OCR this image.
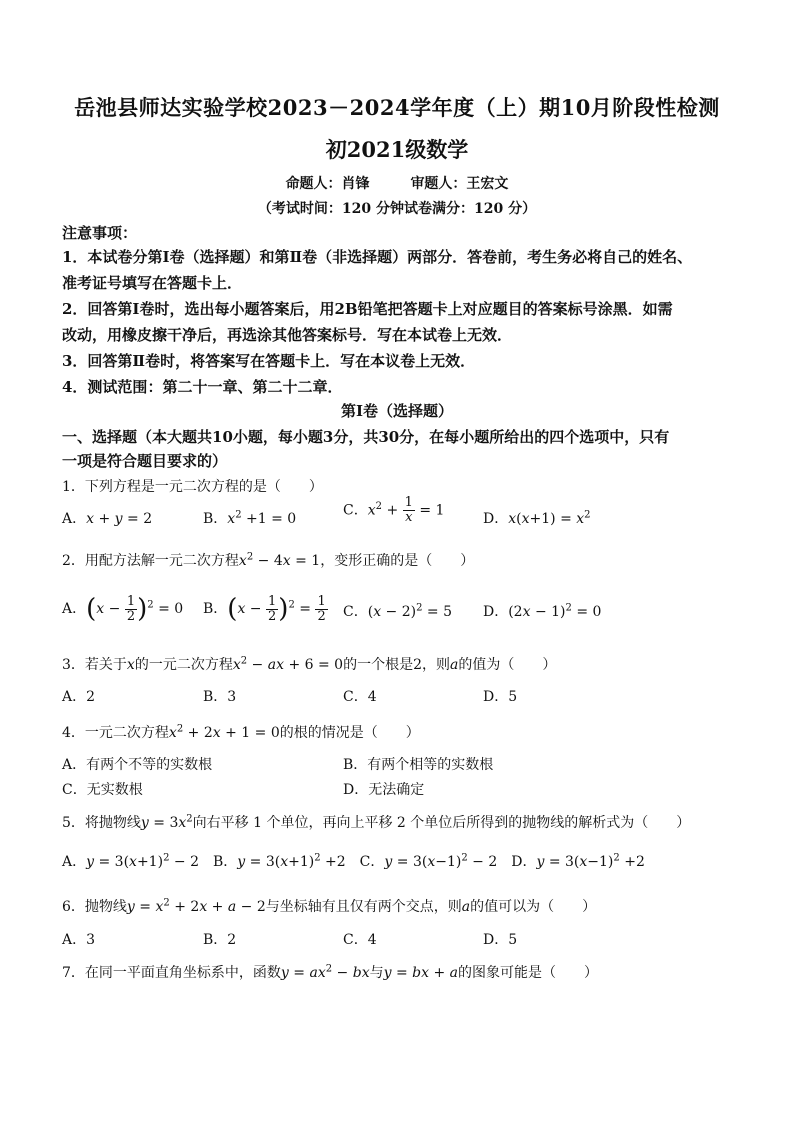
岳池县师达实验学校2023－2024学年度（上）期10月阶段性检测
初2021级数学
命题人：肖锋	审题人：王宏文
（考试时间：120 分钟试卷满分：120 分）
注意事项：
1．本试卷分第Ⅰ卷（选择题）和第Ⅱ卷（非选择题）两部分．答卷前，考生务必将自己的姓名、
准考证号填写在答题卡上．
2．回答第Ⅰ卷时，选出每小题答案后，用2B铅笔把答题卡上对应题目的答案标号涂黑．如需
改动，用橡皮擦干净后，再选涂其他答案标号．写在本试卷上无效．
3．回答第Ⅱ卷时，将答案写在答题卡上．写在本议卷上无效．
4．测试范围：第二十一章、第二十二章．
第Ⅰ卷（选择题）
一、选择题（本大题共10小题，每小题3分，共30分，在每小题所给出的四个选项中，只有
一项是符合题目要求的）
1．下列方程是一元二次方程的是（　　）
A．x + y = 2	B．$x^2 +1 = 0$
C．$x^2 + \frac{1}{x} = 1$
D．$x(x+1) = x^2$
2．用配方法解一元二次方程$x^2 - 4x = 1$，变形正确的是（　　）
A．$(x - \frac{1}{2} )^2 = 0$ B．$(x - \frac{1}{2} )^2 = \frac{1}{2}$ C．$(x - 2)^2 = 5$ D．$(2x - 1)^2 = 0$
3．若关于x的一元二次方程$x^2$ − ax + 6 = 0的一个根是2，则a的值为（　　）
A．2	B．3	C．4	D．5
4．一元二次方程$x^2 + 2x + 1 = 0$的根的情况是（　　）
A．有两个不等的实数根	B．有两个相等的实数根
C．无实数根	D．无法确定
5．将抛物线$y = 3x^2$向右平移 1 个单位，再向上平移 2 个单位后所得到的抛物线的解析式为（　　）
A．$y = 3(x+1)^2 - 2$　B．$y = 3(x+1)^2 +2$　C．$y = 3(x-1)^2 - 2$　D．$y = 3(x-1)^2 +2$
6．抛物线$y = x^2 + 2x + a - 2$与坐标轴有且仅有两个交点，则a的值可以为（　　）
A．3	B．2	C．4	D．5
7．在同一平面直角坐标系中，函数$y = ax^2$ − bx与y = bx + a的图象可能是（　　）
